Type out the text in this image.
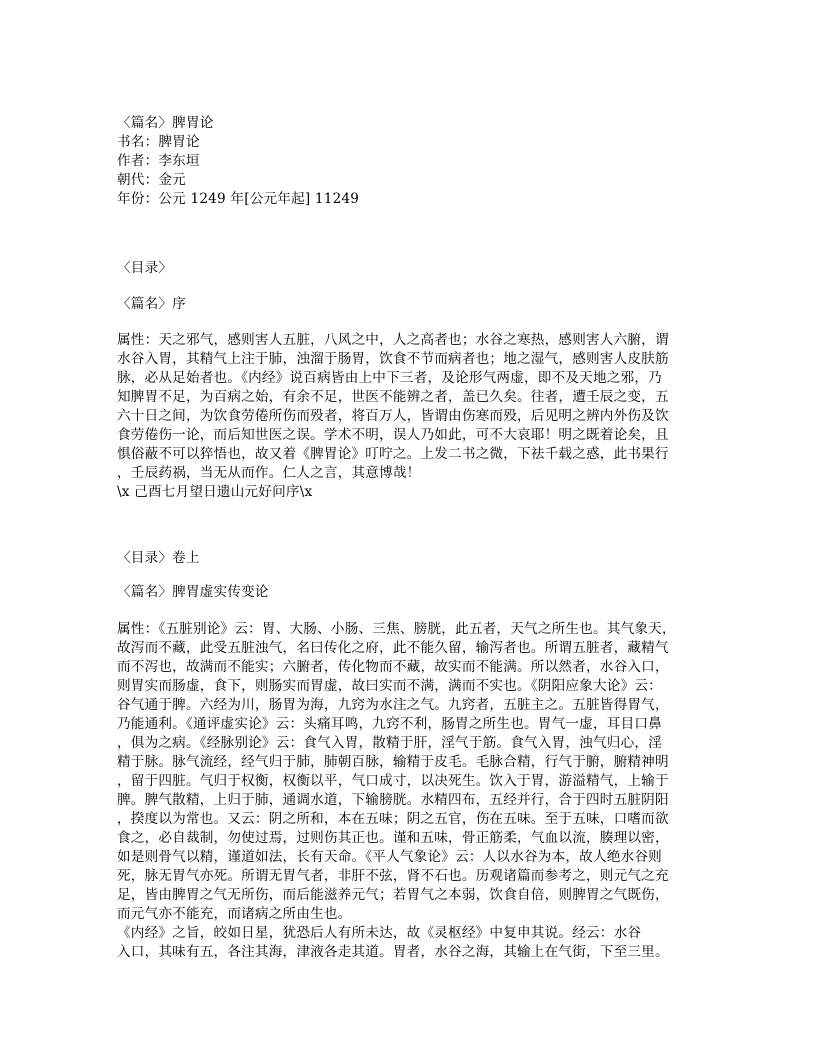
〈篇名〉脾胃论
书名：脾胃论
作者：李东垣
朝代：金元
年份：公元 1249 年[公元年起] 11249
〈目录〉
〈篇名〉序
属性：天之邪气，感则害人五脏，八风之中，人之高者也；水谷之寒热，感则害人六腑，谓
水谷入胃，其精气上注于肺，浊溜于肠胃，饮食不节而病者也；地之湿气，感则害人皮肤筋
脉，必从足始者也。《内经》说百病皆由上中下三者，及论形气两虚，即不及天地之邪，乃
知脾胃不足，为百病之始，有余不足，世医不能辨之者，盖已久矣。往者，遭壬辰之变，五
六十日之间，为饮食劳倦所伤而殁者，将百万人，皆谓由伤寒而殁，后见明之辨内外伤及饮
食劳倦伤一论，而后知世医之误。学术不明，误人乃如此，可不大哀耶！明之既着论矣，且
惧俗蔽不可以猝悟也，故又着《脾胃论》叮咛之。上发二书之微，下祛千载之惑，此书果行
，壬辰药祸，当无从而作。仁人之言，其意博哉！
\x 己酉七月望日遗山元好问序\x
〈目录〉卷上
〈篇名〉脾胃虚实传变论
属性：《五脏别论》云：胃、大肠、小肠、三焦、膀胱，此五者，天气之所生也。其气象天，
故泻而不藏，此受五脏浊气，名曰传化之府，此不能久留，输泻者也。所谓五脏者，藏精气
而不泻也，故满而不能实；六腑者，传化物而不藏，故实而不能满。所以然者，水谷入口，
则胃实而肠虚，食下，则肠实而胃虚，故曰实而不满，满而不实也。《阴阳应象大论》云：
谷气通于脾。六经为川，肠胃为海，九窍为水注之气。九窍者，五脏主之。五脏皆得胃气，
乃能通利。《通评虚实论》云：头痛耳鸣，九窍不利，肠胃之所生也。胃气一虚，耳目口鼻
，俱为之病。《经脉别论》云：食气入胃，散精于肝，淫气于筋。食气入胃，浊气归心，淫
精于脉。脉气流经，经气归于肺，肺朝百脉，输精于皮毛。毛脉合精，行气于腑，腑精神明
，留于四脏。气归于权衡，权衡以平，气口成寸，以决死生。饮入于胃，游溢精气，上输于
脾。脾气散精，上归于肺，通调水道，下输膀胱。水精四布，五经并行，合于四时五脏阴阳
，揆度以为常也。又云：阴之所和，本在五味；阴之五官，伤在五味。至于五味，口嗜而欲
食之，必自裁制，勿使过焉，过则伤其正也。谨和五味，骨正筋柔，气血以流，腠理以密，
如是则骨气以精，谨道如法，长有天命。《平人气象论》云：人以水谷为本，故人绝水谷则
死，脉无胃气亦死。所谓无胃气者，非肝不弦，肾不石也。历观诸篇而参考之，则元气之充
足，皆由脾胃之气无所伤，而后能滋养元气；若胃气之本弱，饮食自倍，则脾胃之气既伤，
而元气亦不能充，而诸病之所由生也。
《内经》之旨，皎如日星，犹恐后人有所未达，故《灵枢经》中复申其说。经云：水谷
入口，其味有五，各注其海，津液各走其道。胃者，水谷之海，其输上在气街，下至三里。
